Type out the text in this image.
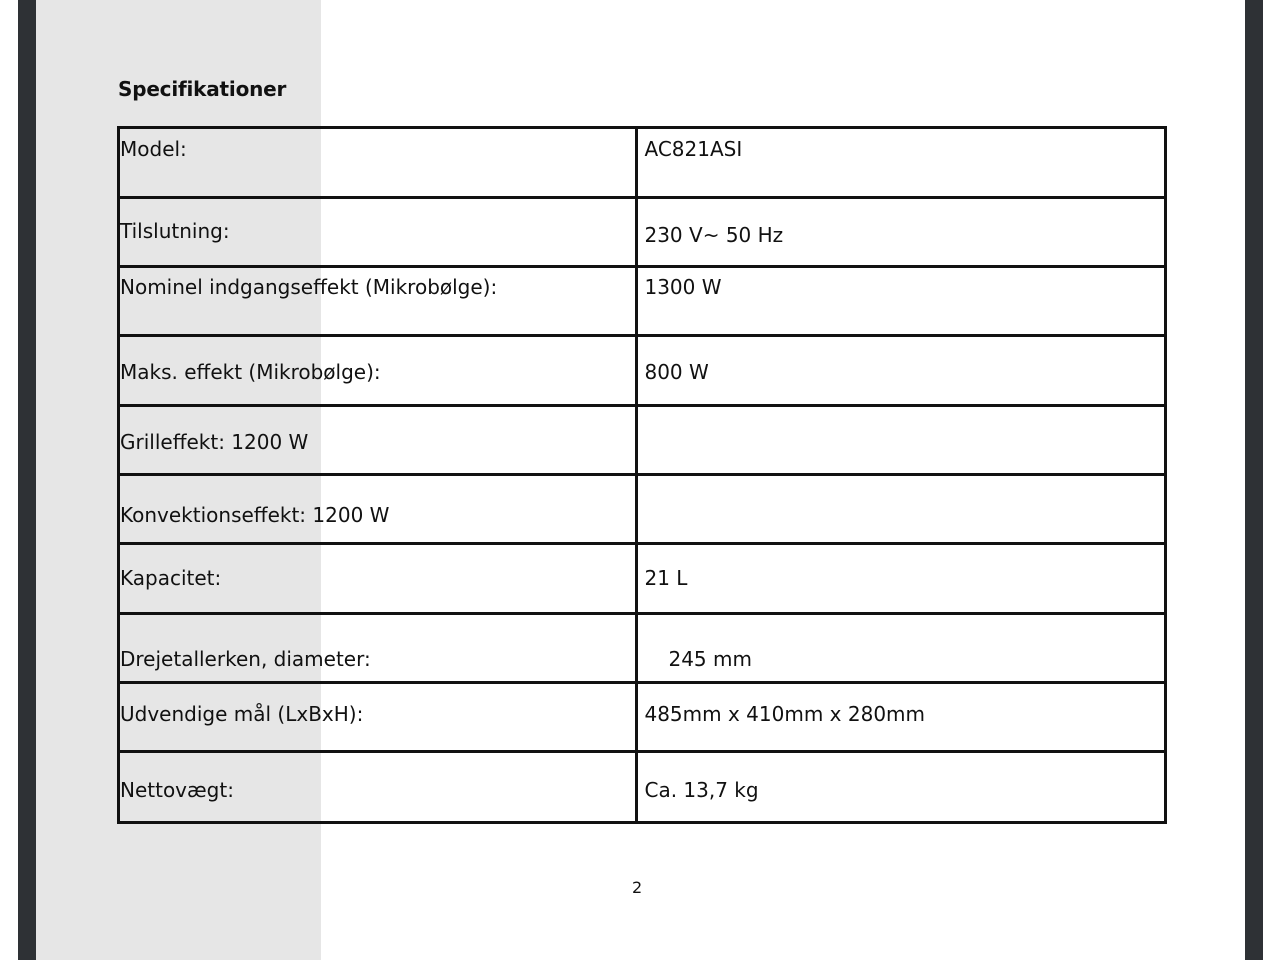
Specifikationer
Model:	AC821ASI

Tilslutning:	230 V~ 50 Hz

Nominel indgangseffekt (Mikrobølge):	1300 W

Maks. effekt (Mikrobølge):	800 W

Grilleffekt: 1200 W	

Konvektionseffekt: 1200 W	

Kapacitet:	21 L

Drejetallerken, diameter:	245 mm

Udvendige mål (LxBxH):	485mm x 410mm x 280mm

Nettovægt:	Ca. 13,7 kg
2
